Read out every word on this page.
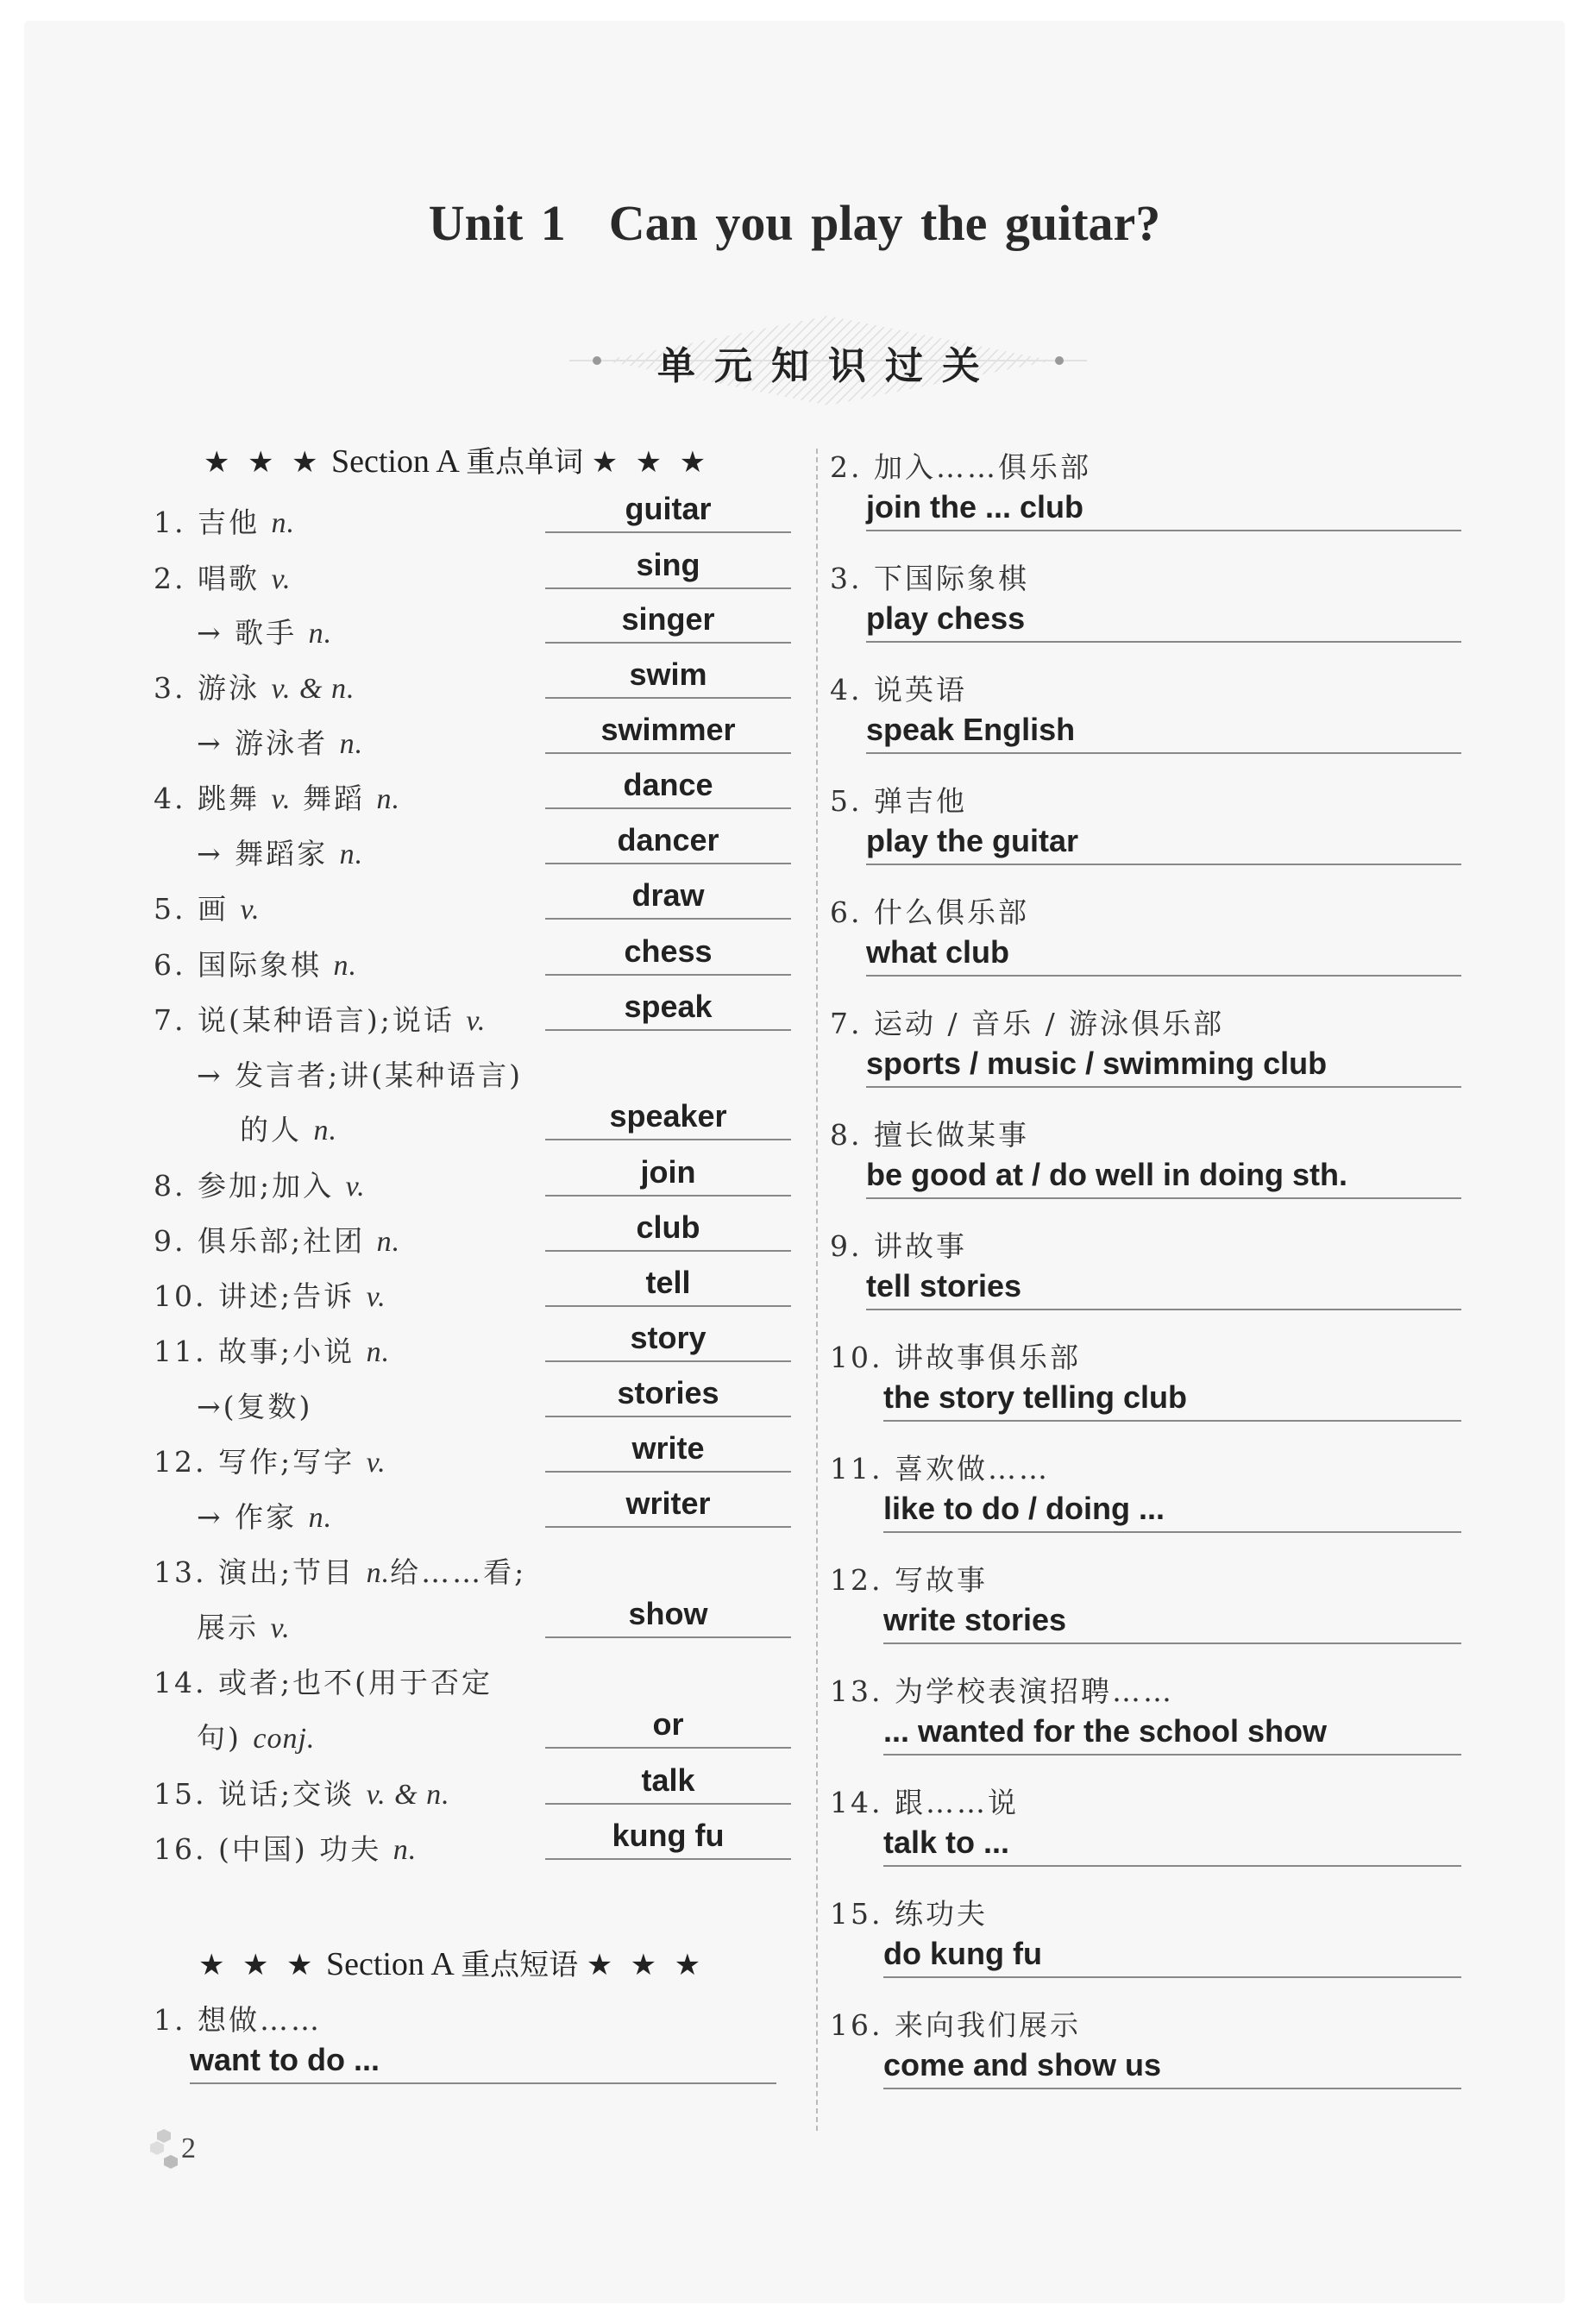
Unit 1 Can you play the guitar?
单元知识过关
★ ★ ★ Section A 重点单词 ★ ★ ★
1. 吉他 n.	guitar
2. 唱歌 v.	sing
→ 歌手 n.	singer
3. 游泳 v. & n.	swim
→ 游泳者 n.	swimmer
4. 跳舞 v. 舞蹈 n.	dance
→ 舞蹈家 n.	dancer
5. 画 v.	draw
6. 国际象棋 n.	chess
7. 说(某种语言);说话 v.	speak
→ 发言者;讲(某种语言)
的人 n.	speaker
8. 参加;加入 v.	join
9. 俱乐部;社团 n.	club
10. 讲述;告诉 v.	tell
11. 故事;小说 n.	story
→(复数)	stories
12. 写作;写字 v.	write
→ 作家 n.	writer
13. 演出;节目 n.给……看;
展示 v.	show
14. 或者;也不(用于否定
句) conj.	or
15. 说话;交谈 v. & n.	talk
16. (中国) 功夫 n.	kung fu
★ ★ ★ Section A 重点短语 ★ ★ ★
1. 想做……
want to do ...
2. 加入……俱乐部
join the ... club
3. 下国际象棋
play chess
4. 说英语
speak English
5. 弹吉他
play the guitar
6. 什么俱乐部
what club
7. 运动 / 音乐 / 游泳俱乐部
sports / music / swimming club
8. 擅长做某事
be good at / do well in doing sth.
9. 讲故事
tell stories
10. 讲故事俱乐部
the story telling club
11. 喜欢做……
like to do / doing ...
12. 写故事
write stories
13. 为学校表演招聘……
... wanted for the school show
14. 跟……说
talk to ...
15. 练功夫
do kung fu
16. 来向我们展示
come and show us
2
